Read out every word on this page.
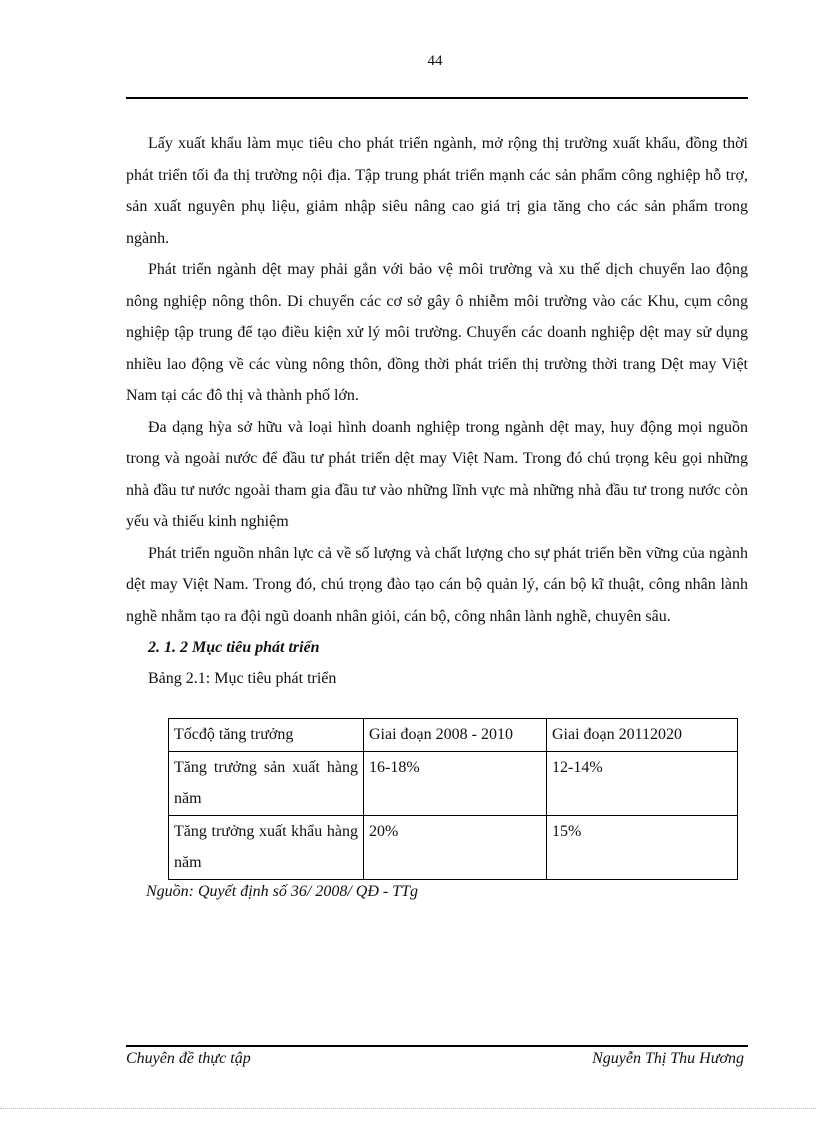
44

Lấy xuất khẩu làm mục tiêu cho phát triển ngành, mở rộng thị trường xuất khẩu, đồng thời phát triển tối đa thị trường nội địa. Tập trung phát triển mạnh các sản phẩm công nghiệp hỗ trợ, sản xuất nguyên phụ liệu, giảm nhập siêu nâng cao giá trị gia tăng cho các sản phẩm trong ngành.

Phát triển ngành dệt may phải gắn với bảo vệ môi trường và xu thế dịch chuyển lao động nông nghiệp nông thôn. Di chuyển các cơ sở gây ô nhiễm môi trường vào các Khu, cụm công nghiệp tập trung để tạo điều kiện xử lý môi trường. Chuyển các doanh nghiệp dệt may sử dụng nhiều lao động về các vùng nông thôn, đồng thời phát triển thị trường thời trang Dệt may Việt Nam tại các đô thị và thành phố lớn.

Đa dạng hỳa sở hữu và loại hình doanh nghiệp trong ngành dệt may, huy động mọi nguồn trong và ngoài nước để đầu tư phát triển dệt may Việt Nam. Trong đó chú trọng kêu gọi những nhà đầu tư nước ngoài tham gia đầu tư vào những lĩnh vực mà những nhà đầu tư trong nước còn yếu và thiếu kinh nghiệm

Phát triển nguồn nhân lực cả về số lượng và chất lượng cho sự phát triển bền vững của ngành dệt may Việt Nam. Trong đó, chú trọng đào tạo cán bộ quản lý, cán bộ kĩ thuật, công nhân lành nghề nhằm tạo ra đội ngũ doanh nhân giỏi, cán bộ, công nhân lành nghề, chuyên sâu.

2. 1. 2 Mục tiêu phát triển

Bảng 2.1: Mục tiêu phát triển

Tốcđộ tăng trưởng	Giai đoạn 2008 - 2010	Giai đoạn 20112020
Tăng trưởng sản xuất hàng năm	16-18%	12-14%
Tăng trưởng xuất khẩu hàng năm	20%	15%

Nguồn: Quyết định số 36/ 2008/ QĐ - TTg

Chuyên đề thực tập	Nguyễn Thị Thu Hương
